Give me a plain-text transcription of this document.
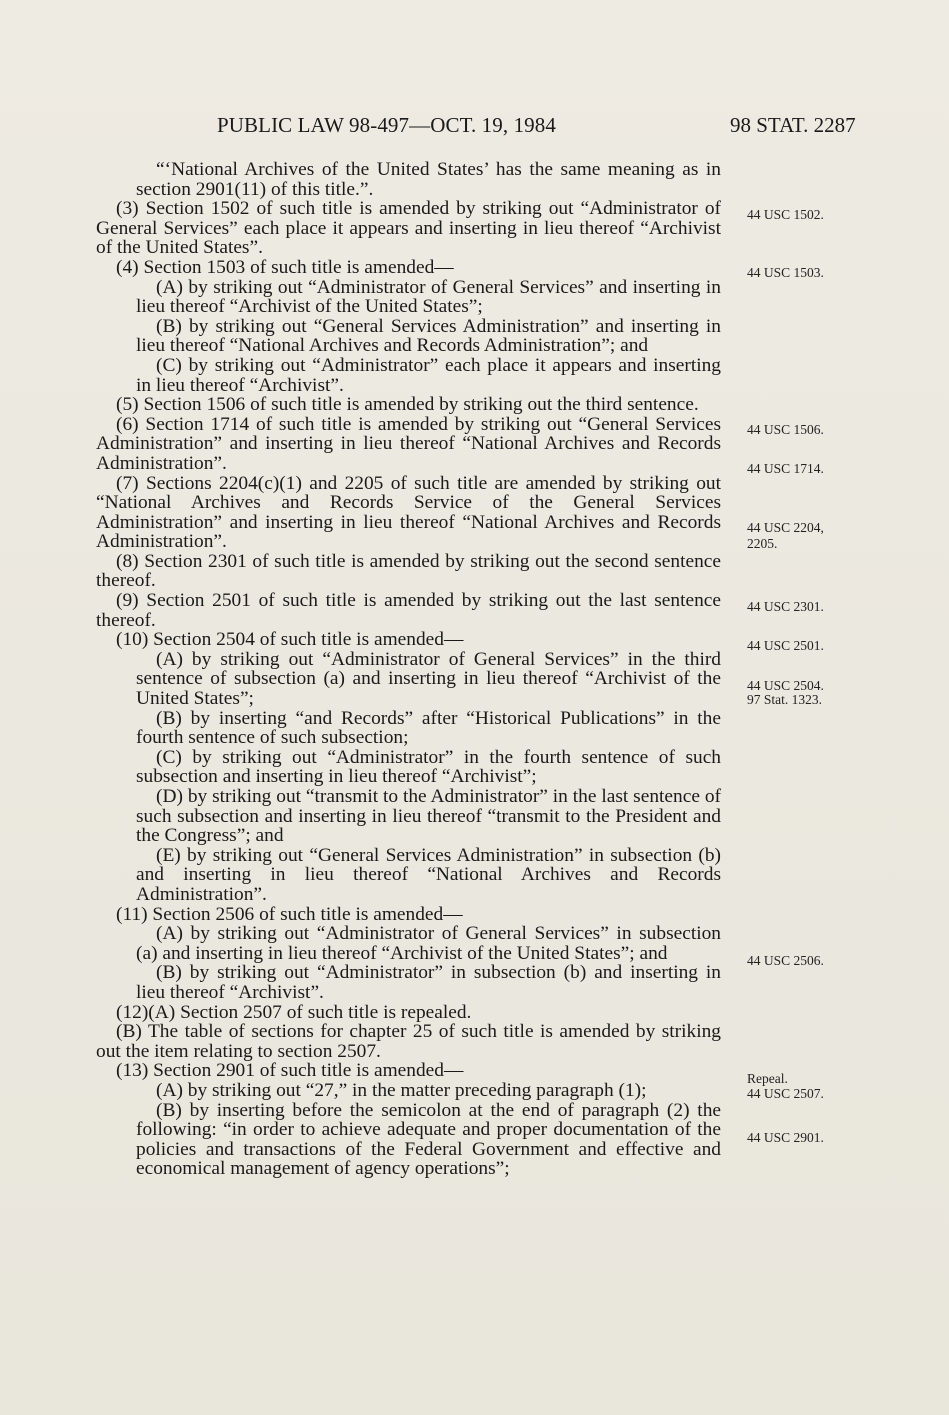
PUBLIC LAW 98-497—OCT. 19, 1984	98 STAT. 2287

“‘National Archives of the United States’ has the same meaning as in section 2901(11) of this title.”.

(3) Section 1502 of such title is amended by striking out “Administrator of General Services” each place it appears and inserting in lieu thereof “Archivist of the United States”.

(4) Section 1503 of such title is amended—

(A) by striking out “Administrator of General Services” and inserting in lieu thereof “Archivist of the United States”;

(B) by striking out “General Services Administration” and inserting in lieu thereof “National Archives and Records Administration”; and

(C) by striking out “Administrator” each place it appears and inserting in lieu thereof “Archivist”.

(5) Section 1506 of such title is amended by striking out the third sentence.

(6) Section 1714 of such title is amended by striking out “General Services Administration” and inserting in lieu thereof “National Archives and Records Administration”.

(7) Sections 2204(c)(1) and 2205 of such title are amended by striking out “National Archives and Records Service of the General Services Administration” and inserting in lieu thereof “National Archives and Records Administration”.

(8) Section 2301 of such title is amended by striking out the second sentence thereof.

(9) Section 2501 of such title is amended by striking out the last sentence thereof.

(10) Section 2504 of such title is amended—

(A) by striking out “Administrator of General Services” in the third sentence of subsection (a) and inserting in lieu thereof “Archivist of the United States”;

(B) by inserting “and Records” after “Historical Publications” in the fourth sentence of such subsection;

(C) by striking out “Administrator” in the fourth sentence of such subsection and inserting in lieu thereof “Archivist”;

(D) by striking out “transmit to the Administrator” in the last sentence of such subsection and inserting in lieu thereof “transmit to the President and the Congress”; and

(E) by striking out “General Services Administration” in subsection (b) and inserting in lieu thereof “National Archives and Records Administration”.

(11) Section 2506 of such title is amended—

(A) by striking out “Administrator of General Services” in subsection (a) and inserting in lieu thereof “Archivist of the United States”; and

(B) by striking out “Administrator” in subsection (b) and inserting in lieu thereof “Archivist”.

(12)(A) Section 2507 of such title is repealed.

(B) The table of sections for chapter 25 of such title is amended by striking out the item relating to section 2507.

(13) Section 2901 of such title is amended—

(A) by striking out “27,” in the matter preceding paragraph (1);

(B) by inserting before the semicolon at the end of paragraph (2) the following: “in order to achieve adequate and proper documentation of the policies and transactions of the Federal Government and effective and economical management of agency operations”;

44 USC 1502.
44 USC 1503.
44 USC 1506.
44 USC 1714.
44 USC 2204,
2205.
44 USC 2301.
44 USC 2501.
44 USC 2504.
97 Stat. 1323.
44 USC 2506.
Repeal.
44 USC 2507.
44 USC 2901.
